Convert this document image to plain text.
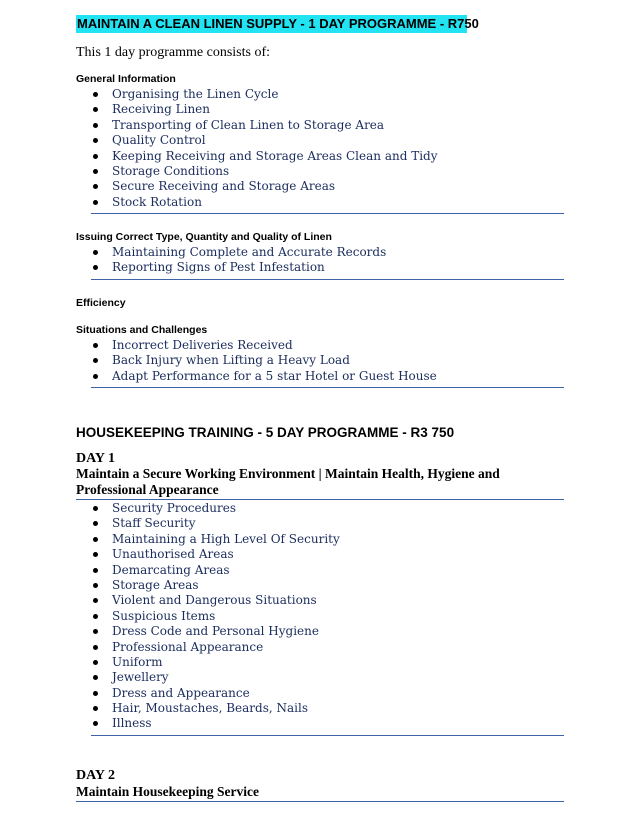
MAINTAIN A CLEAN LINEN SUPPLY - 1 DAY PROGRAMME - R750
This 1 day programme consists of:
General Information
Organising the Linen Cycle
Receiving Linen
Transporting of Clean Linen to Storage Area
Quality Control
Keeping Receiving and Storage Areas Clean and Tidy
Storage Conditions
Secure Receiving and Storage Areas
Stock Rotation
Issuing Correct Type, Quantity and Quality of Linen
Maintaining Complete and Accurate Records
Reporting Signs of Pest Infestation
Efficiency
Situations and Challenges
Incorrect Deliveries Received
Back Injury when Lifting a Heavy Load
Adapt Performance for a 5 star Hotel or Guest House
HOUSEKEEPING TRAINING - 5 DAY PROGRAMME - R3 750
DAY 1
Maintain a Secure Working Environment | Maintain Health, Hygiene and Professional Appearance
Security Procedures
Staff Security
Maintaining a High Level Of Security
Unauthorised Areas
Demarcating Areas
Storage Areas
Violent and Dangerous Situations
Suspicious Items
Dress Code and Personal Hygiene
Professional Appearance
Uniform
Jewellery
Dress and Appearance
Hair, Moustaches, Beards, Nails
Illness
DAY 2
Maintain Housekeeping Service
